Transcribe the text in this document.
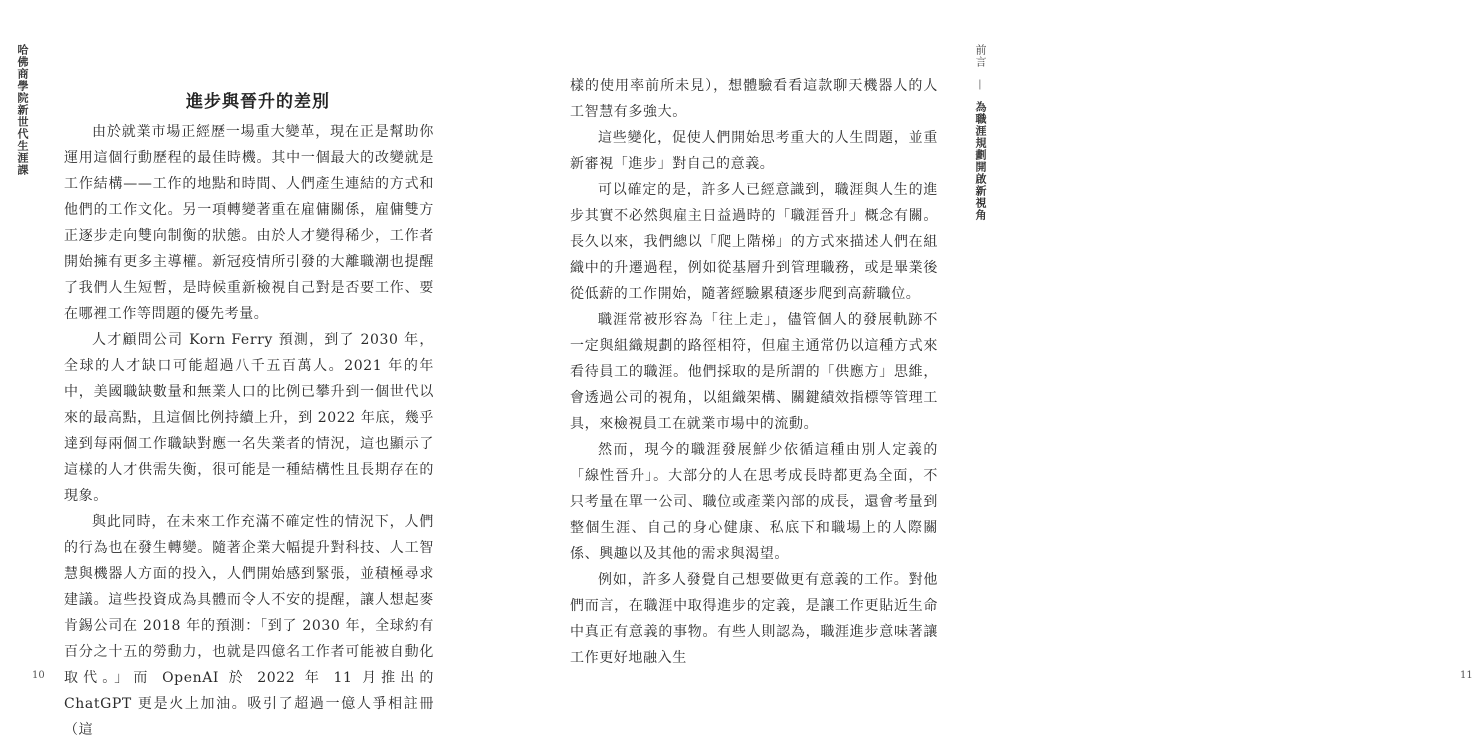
哈佛商學院新世代生涯課	進步與晉升的差別

由於就業市場正經歷一場重大變革，現在正是幫助你運用這個行動歷程的最佳時機。其中一個最大的改變就是工作結構——工作的地點和時間、人們產生連結的方式和他們的工作文化。另一項轉變著重在雇傭關係，雇傭雙方正逐步走向雙向制衡的狀態。由於人才變得稀少，工作者開始擁有更多主導權。新冠疫情所引發的大離職潮也提醒了我們人生短暫，是時候重新檢視自己對是否要工作、要在哪裡工作等問題的優先考量。

人才顧問公司 Korn Ferry 預測，到了 2030 年，全球的人才缺口可能超過八千五百萬人。2021 年的年中，美國職缺數量和無業人口的比例已攀升到一個世代以來的最高點，且這個比例持續上升，到 2022 年底，幾乎達到每兩個工作職缺對應一名失業者的情況，這也顯示了這樣的人才供需失衡，很可能是一種結構性且長期存在的現象。

與此同時，在未來工作充滿不確定性的情況下，人們的行為也在發生轉變。隨著企業大幅提升對科技、人工智慧與機器人方面的投入，人們開始感到緊張，並積極尋求建議。這些投資成為具體而令人不安的提醒，讓人想起麥肯錫公司在 2018 年的預測：「到了 2030 年，全球約有百分之十五的勞動力，也就是四億名工作者可能被自動化取代。」而 OpenAI 於 2022 年 11 月推出的 ChatGPT 更是火上加油。吸引了超過一億人爭相註冊（這

10
前言 — 為職涯規劃開啟新視角
11

樣的使用率前所未見），想體驗看看這款聊天機器人的人工智慧有多強大。

這些變化，促使人們開始思考重大的人生問題，並重新審視「進步」對自己的意義。

可以確定的是，許多人已經意識到，職涯與人生的進步其實不必然與雇主日益過時的「職涯晉升」概念有關。長久以來，我們總以「爬上階梯」的方式來描述人們在組織中的升遷過程，例如從基層升到管理職務，或是畢業後從低薪的工作開始，隨著經驗累積逐步爬到高薪職位。

職涯常被形容為「往上走」，儘管個人的發展軌跡不一定與組織規劃的路徑相符，但雇主通常仍以這種方式來看待員工的職涯。他們採取的是所謂的「供應方」思維，會透過公司的視角，以組織架構、關鍵績效指標等管理工具，來檢視員工在就業市場中的流動。

然而，現今的職涯發展鮮少依循這種由別人定義的「線性晉升」。大部分的人在思考成長時都更為全面，不只考量在單一公司、職位或產業內部的成長，還會考量到整個生涯、自己的身心健康、私底下和職場上的人際關係、興趣以及其他的需求與渴望。

例如，許多人發覺自己想要做更有意義的工作。對他們而言，在職涯中取得進步的定義，是讓工作更貼近生命中真正有意義的事物。有些人則認為，職涯進步意味著讓工作更好地融入生
